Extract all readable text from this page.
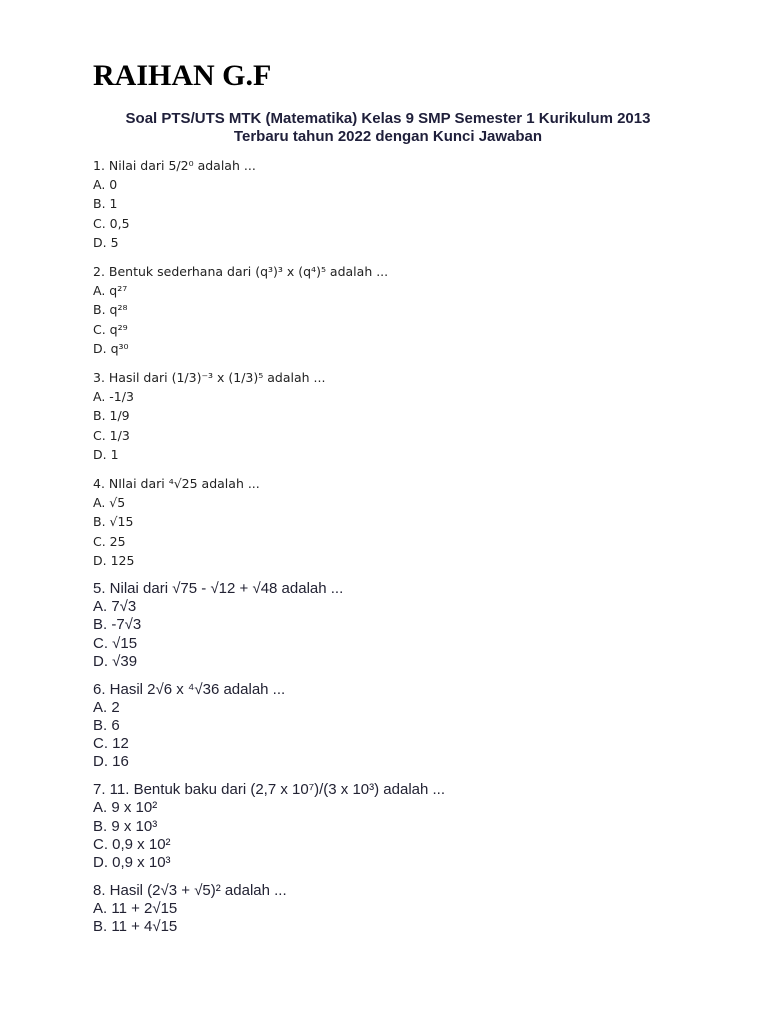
RAIHAN G.F
Soal PTS/UTS MTK (Matematika) Kelas 9 SMP Semester 1 Kurikulum 2013
Terbaru tahun 2022 dengan Kunci Jawaban
1. Nilai dari 5/2⁰ adalah ...
A. 0
B. 1
C. 0,5
D. 5
2. Bentuk sederhana dari (q³)³ x (q⁴)⁵ adalah ...
A. q²⁷
B. q²⁸
C. q²⁹
D. q³⁰
3. Hasil dari (1/3)⁻³ x (1/3)⁵ adalah ...
A. -1/3
B. 1/9
C. 1/3
D. 1
4. NIlai dari ⁴√25 adalah ...
A. √5
B. √15
C. 25
D. 125
5. Nilai dari √75 - √12 + √48 adalah ...
A. 7√3
B. -7√3
C. √15
D. √39
6. Hasil 2√6 x ⁴√36 adalah ...
A. 2
B. 6
C. 12
D. 16
7. 11. Bentuk baku dari (2,7 x 10⁷)/(3 x 10³) adalah ...
A. 9 x 10²
B. 9 x 10³
C. 0,9 x 10²
D. 0,9 x 10³
8. Hasil (2√3 + √5)² adalah ...
A. 11 + 2√15
B. 11 + 4√15
